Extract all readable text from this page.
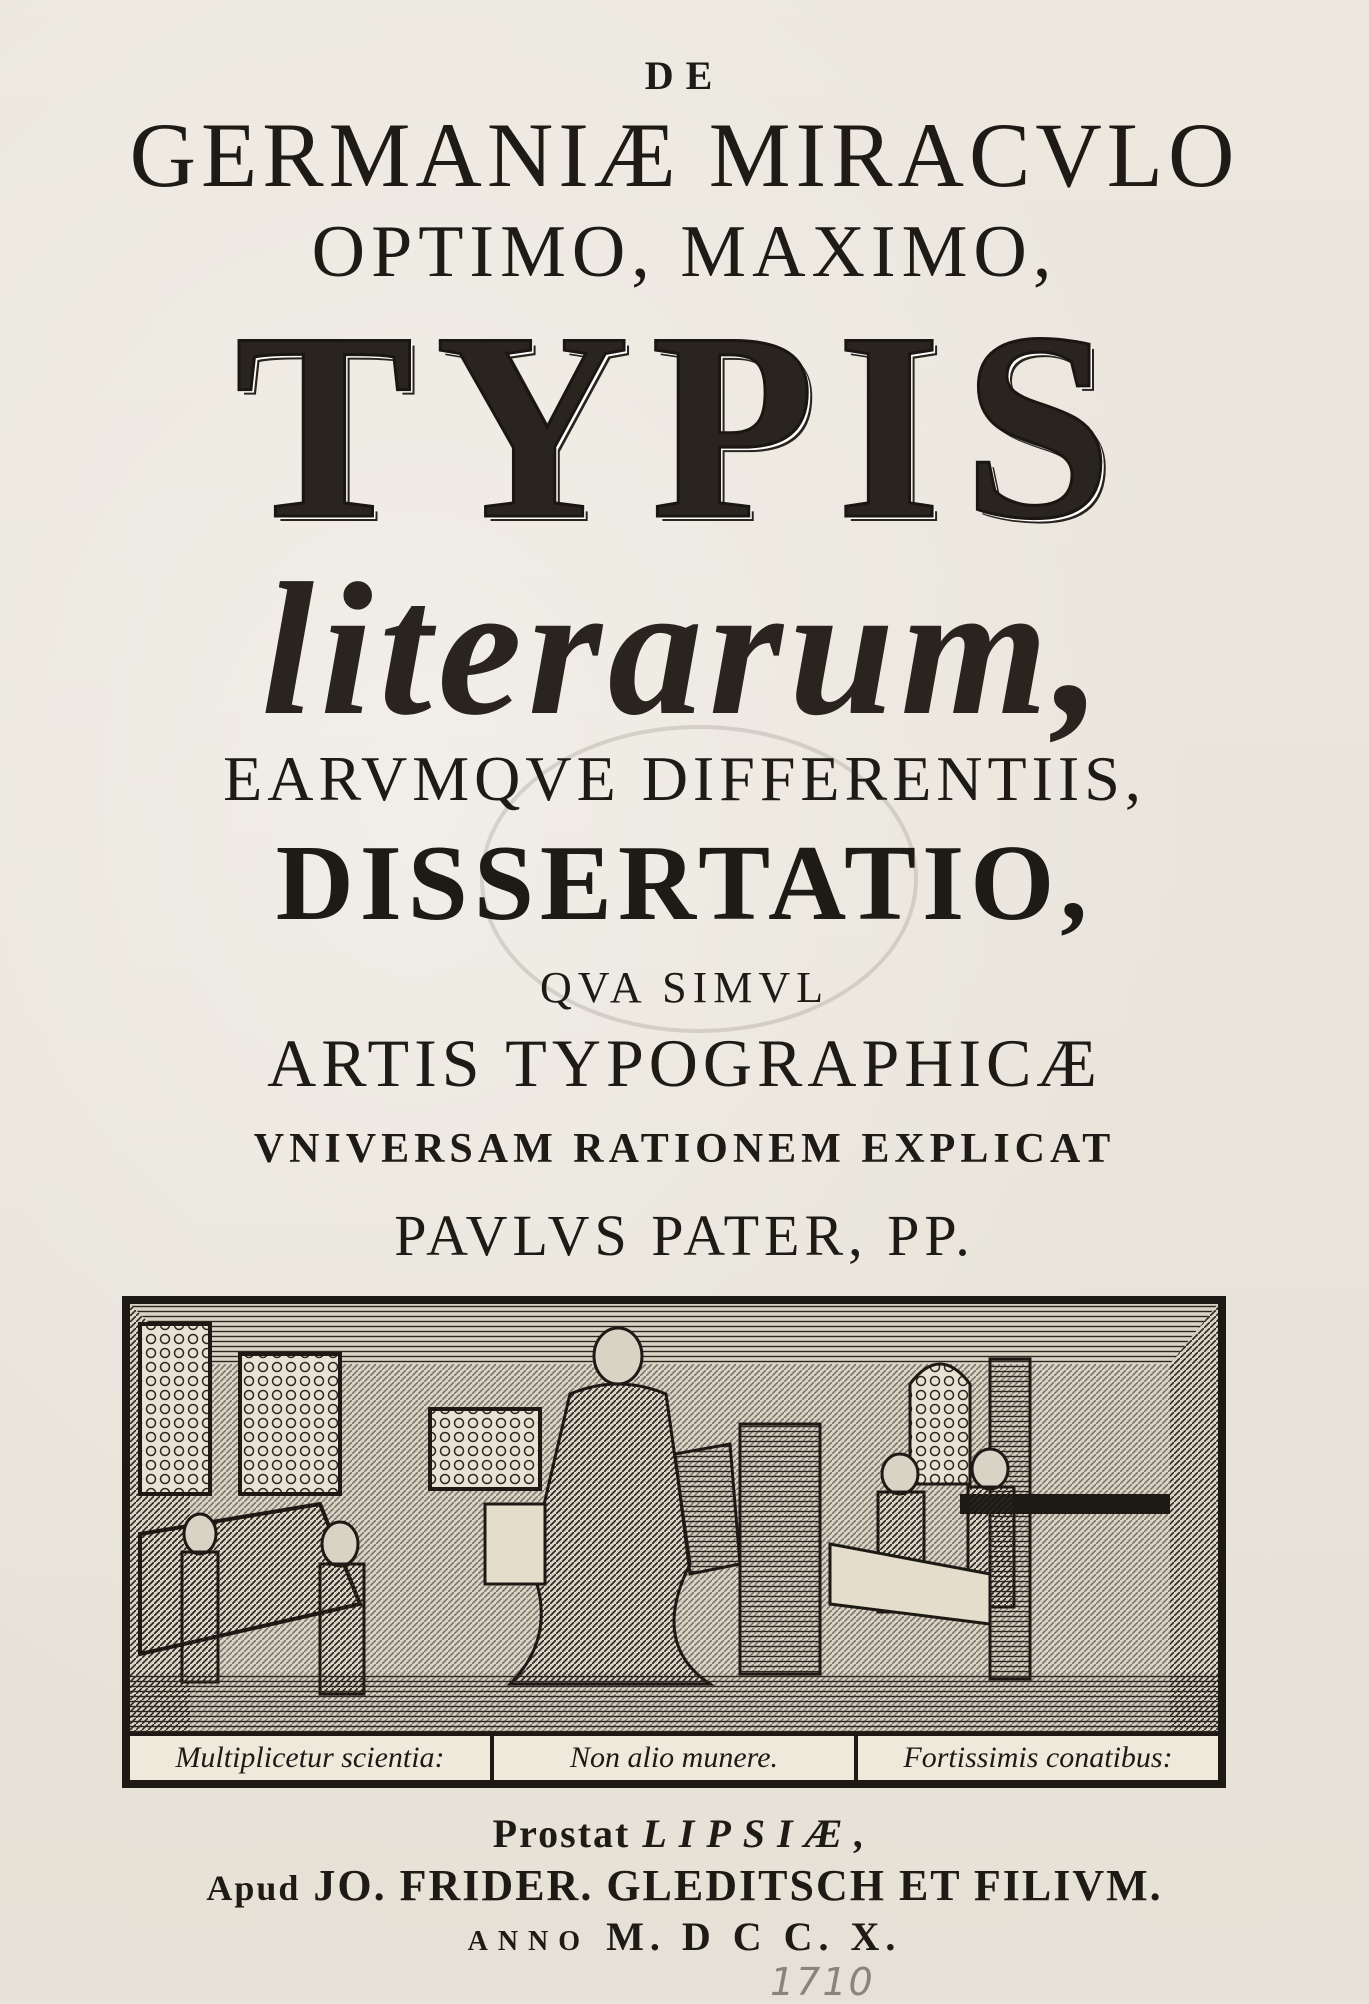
DE

GERMANIÆ MIRACVLO

OPTIMO, MAXIMO,

TYPIS

literarum,

EARVMQVE DIFFERENTIIS,

DISSERTATIO,

QVA SIMVL

ARTIS TYPOGRAPHICÆ

VNIVERSAM RATIONEM EXPLICAT

PAVLVS PATER, PP.

Multiplicetur scientia:	Non alio munere.	Fortissimis conatibus:

Prostat LIPSIÆ,

Apud JO. FRIDER. GLEDITSCH ET FILIVM.

ANNO M. D C C. X.

1710
